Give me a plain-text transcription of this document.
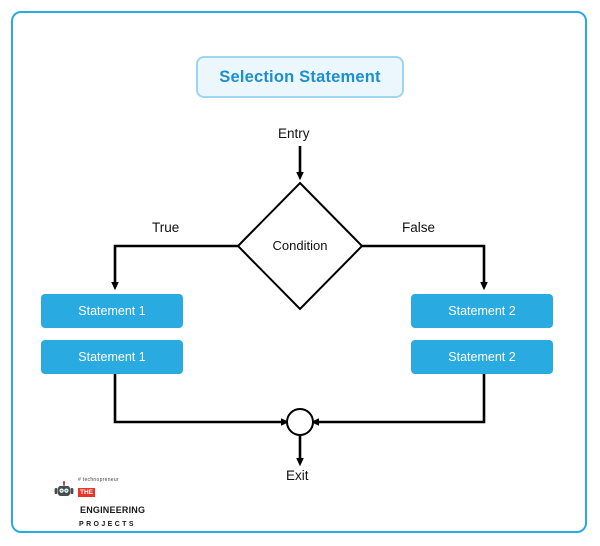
Selection Statement
Entry
True	False
Condition
Exit
Statement 1
Statement 1
Statement 2
Statement 2
# technopreneur
THEENGINEERING
PROJECTS
